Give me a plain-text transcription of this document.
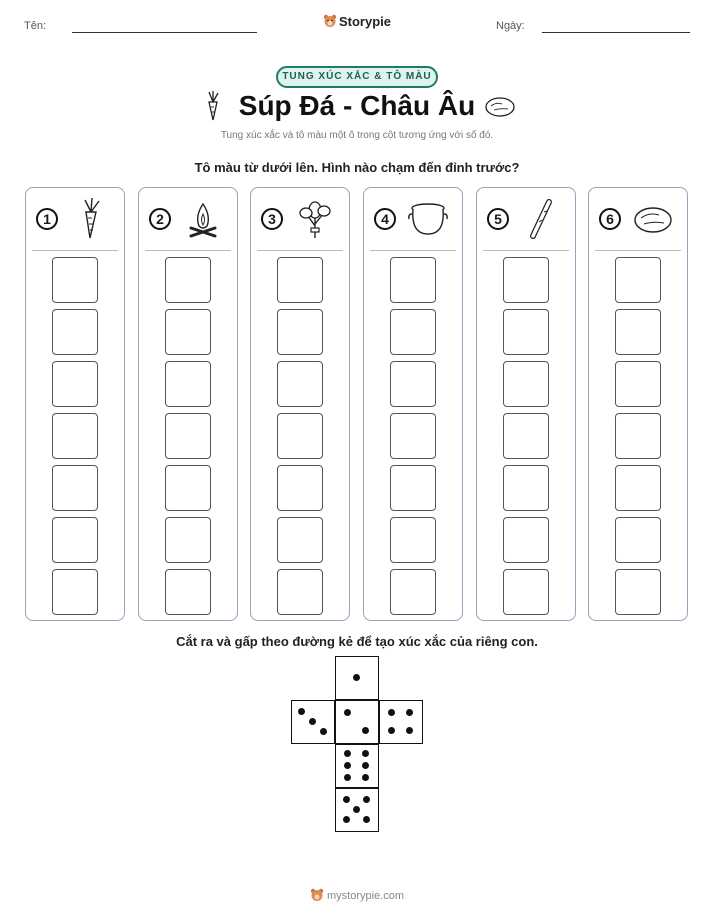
Tên:	Storypie	Ngày:
TUNG XÚC XẮC & TÔ MÀU
Súp Đá - Châu Âu
Tung xúc xắc và tô màu một ô trong cột tương ứng với số đó.
Tô màu từ dưới lên. Hình nào chạm đến đỉnh trước?
1	2	3	4	5	6
Cắt ra và gấp theo đường kẻ để tạo xúc xắc của riêng con.
mystorypie.com
